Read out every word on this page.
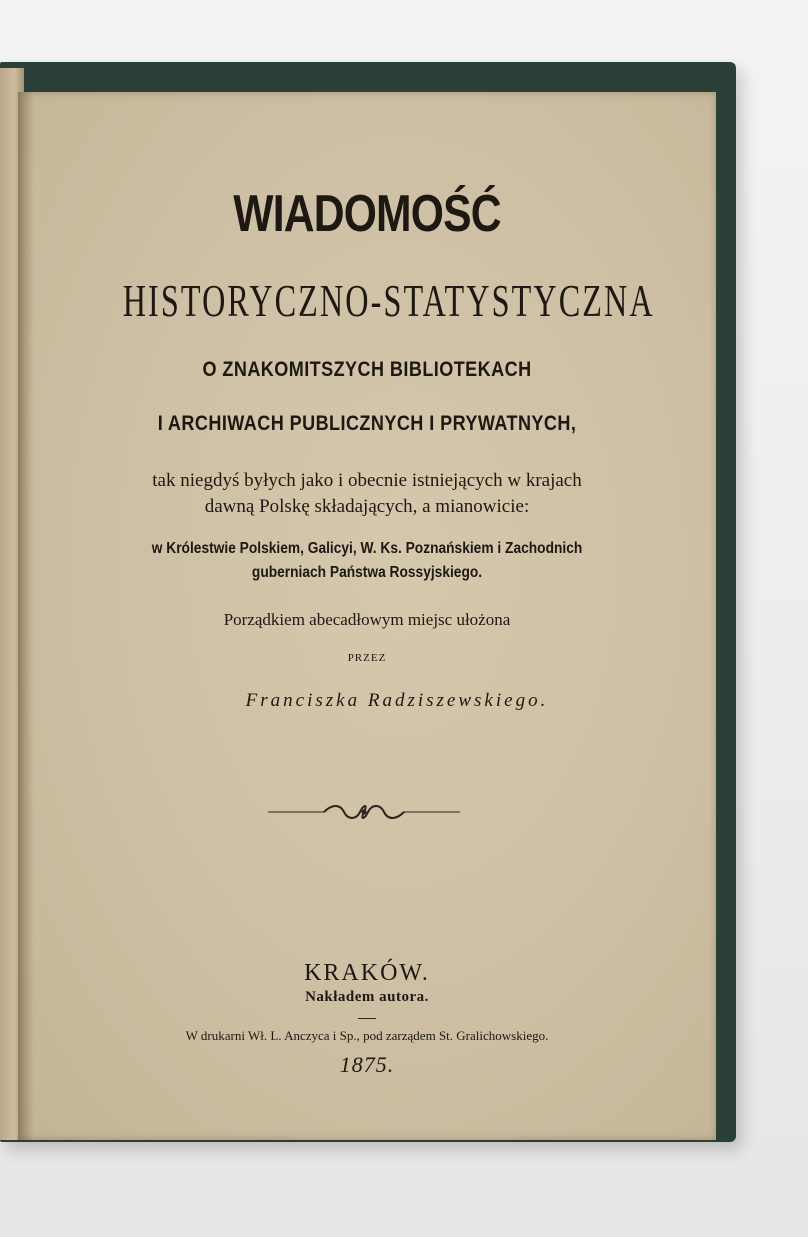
WIADOMOŚĆ
HISTORYCZNO-STATYSTYCZNA
O ZNAKOMITSZYCH BIBLIOTEKACH
I ARCHIWACH PUBLICZNYCH I PRYWATNYCH,
tak niegdyś byłych jako i obecnie istniejących w krajach
dawną Polskę składających, a mianowicie:
w Królestwie Polskiem, Galicyi, W. Ks. Poznańskiem i Zachodnich
guberniach Państwa Rossyjskiego.
Porządkiem abecadłowym miejsc ułożona
PRZEZ
Franciszka Radziszewskiego.
KRAKÓW.
Nakładem autora.
W drukarni Wł. L. Anczyca i Sp., pod zarządem St. Gralichowskiego.
1875.
